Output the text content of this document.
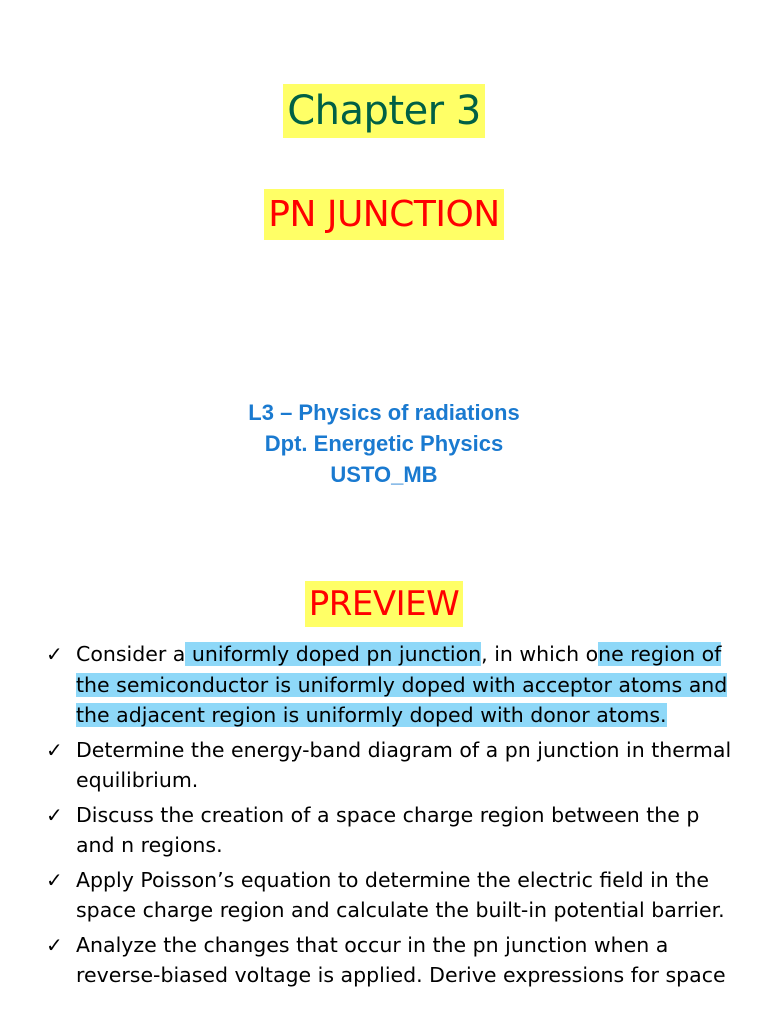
Chapter 3
PN JUNCTION
L3 – Physics of radiations
Dpt. Energetic Physics
USTO_MB
PREVIEW
✓ Consider a uniformly doped pn junction, in which one region of the semiconductor is uniformly doped with acceptor atoms and the adjacent region is uniformly doped with donor atoms.
✓ Determine the energy-band diagram of a pn junction in thermal equilibrium.
✓ Discuss the creation of a space charge region between the p and n regions.
✓ Apply Poisson’s equation to determine the electric field in the space charge region and calculate the built-in potential barrier.
✓ Analyze the changes that occur in the pn junction when a reverse-biased voltage is applied. Derive expressions for space
